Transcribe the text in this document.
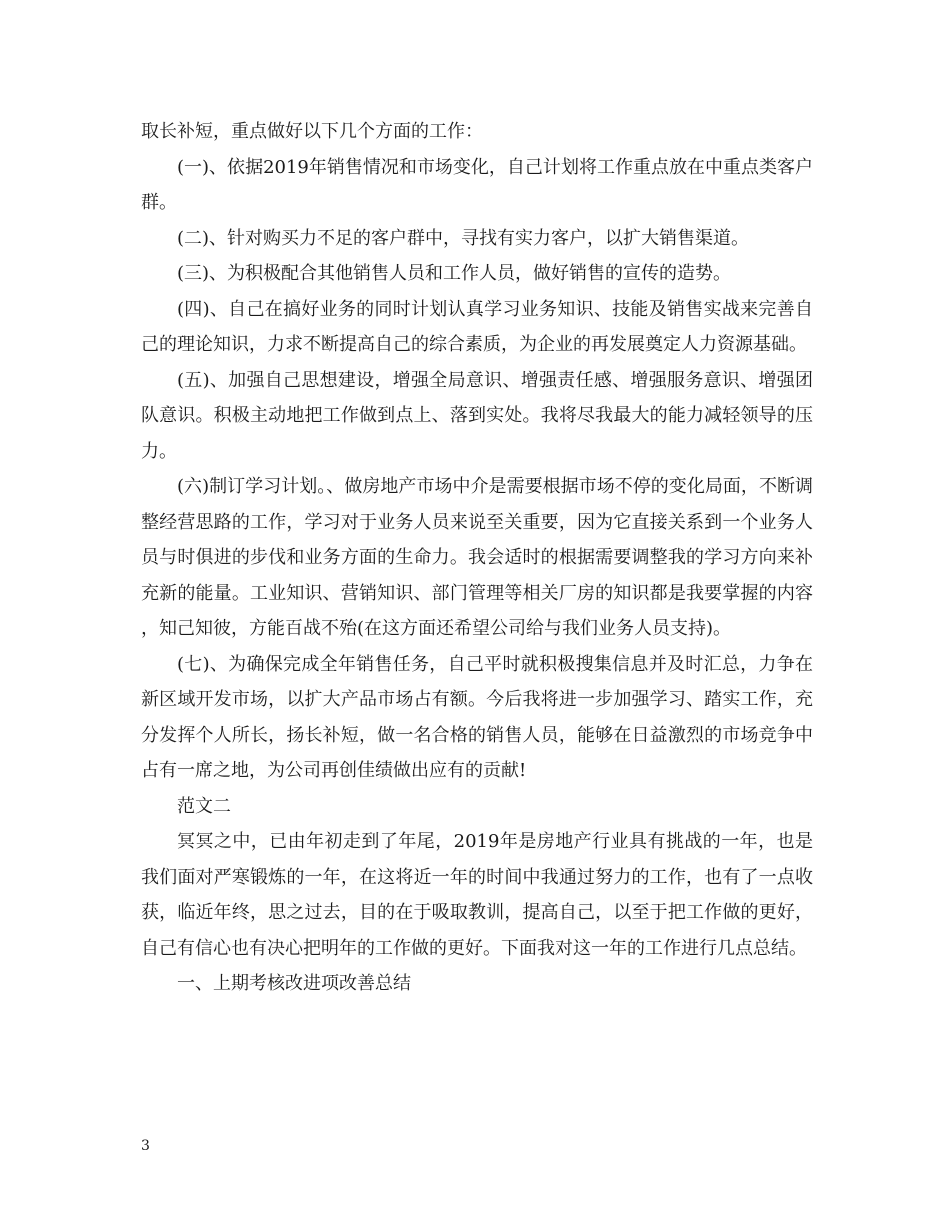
取长补短，重点做好以下几个方面的工作：

(一)、依据2019年销售情况和市场变化，自己计划将工作重点放在中重点类客户群。

(二)、针对购买力不足的客户群中，寻找有实力客户，以扩大销售渠道。

(三)、为积极配合其他销售人员和工作人员，做好销售的宣传的造势。

(四)、自己在搞好业务的同时计划认真学习业务知识、技能及销售实战来完善自己的理论知识，力求不断提高自己的综合素质，为企业的再发展奠定人力资源基础。

(五)、加强自己思想建设，增强全局意识、增强责任感、增强服务意识、增强团队意识。积极主动地把工作做到点上、落到实处。我将尽我最大的能力减轻领导的压力。

(六)制订学习计划。、做房地产市场中介是需要根据市场不停的变化局面，不断调整经营思路的工作，学习对于业务人员来说至关重要，因为它直接关系到一个业务人员与时俱进的步伐和业务方面的生命力。我会适时的根据需要调整我的学习方向来补充新的能量。工业知识、营销知识、部门管理等相关厂房的知识都是我要掌握的内容，知己知彼，方能百战不殆(在这方面还希望公司给与我们业务人员支持)。

(七)、为确保完成全年销售任务，自己平时就积极搜集信息并及时汇总，力争在新区域开发市场，以扩大产品市场占有额。今后我将进一步加强学习、踏实工作，充分发挥个人所长，扬长补短，做一名合格的销售人员，能够在日益激烈的市场竞争中占有一席之地，为公司再创佳绩做出应有的贡献!

范文二

冥冥之中，已由年初走到了年尾，2019年是房地产行业具有挑战的一年，也是我们面对严寒锻炼的一年，在这将近一年的时间中我通过努力的工作，也有了一点收获，临近年终，思之过去，目的在于吸取教训，提高自己，以至于把工作做的更好，自己有信心也有决心把明年的工作做的更好。下面我对这一年的工作进行几点总结。

一、上期考核改进项改善总结

3
